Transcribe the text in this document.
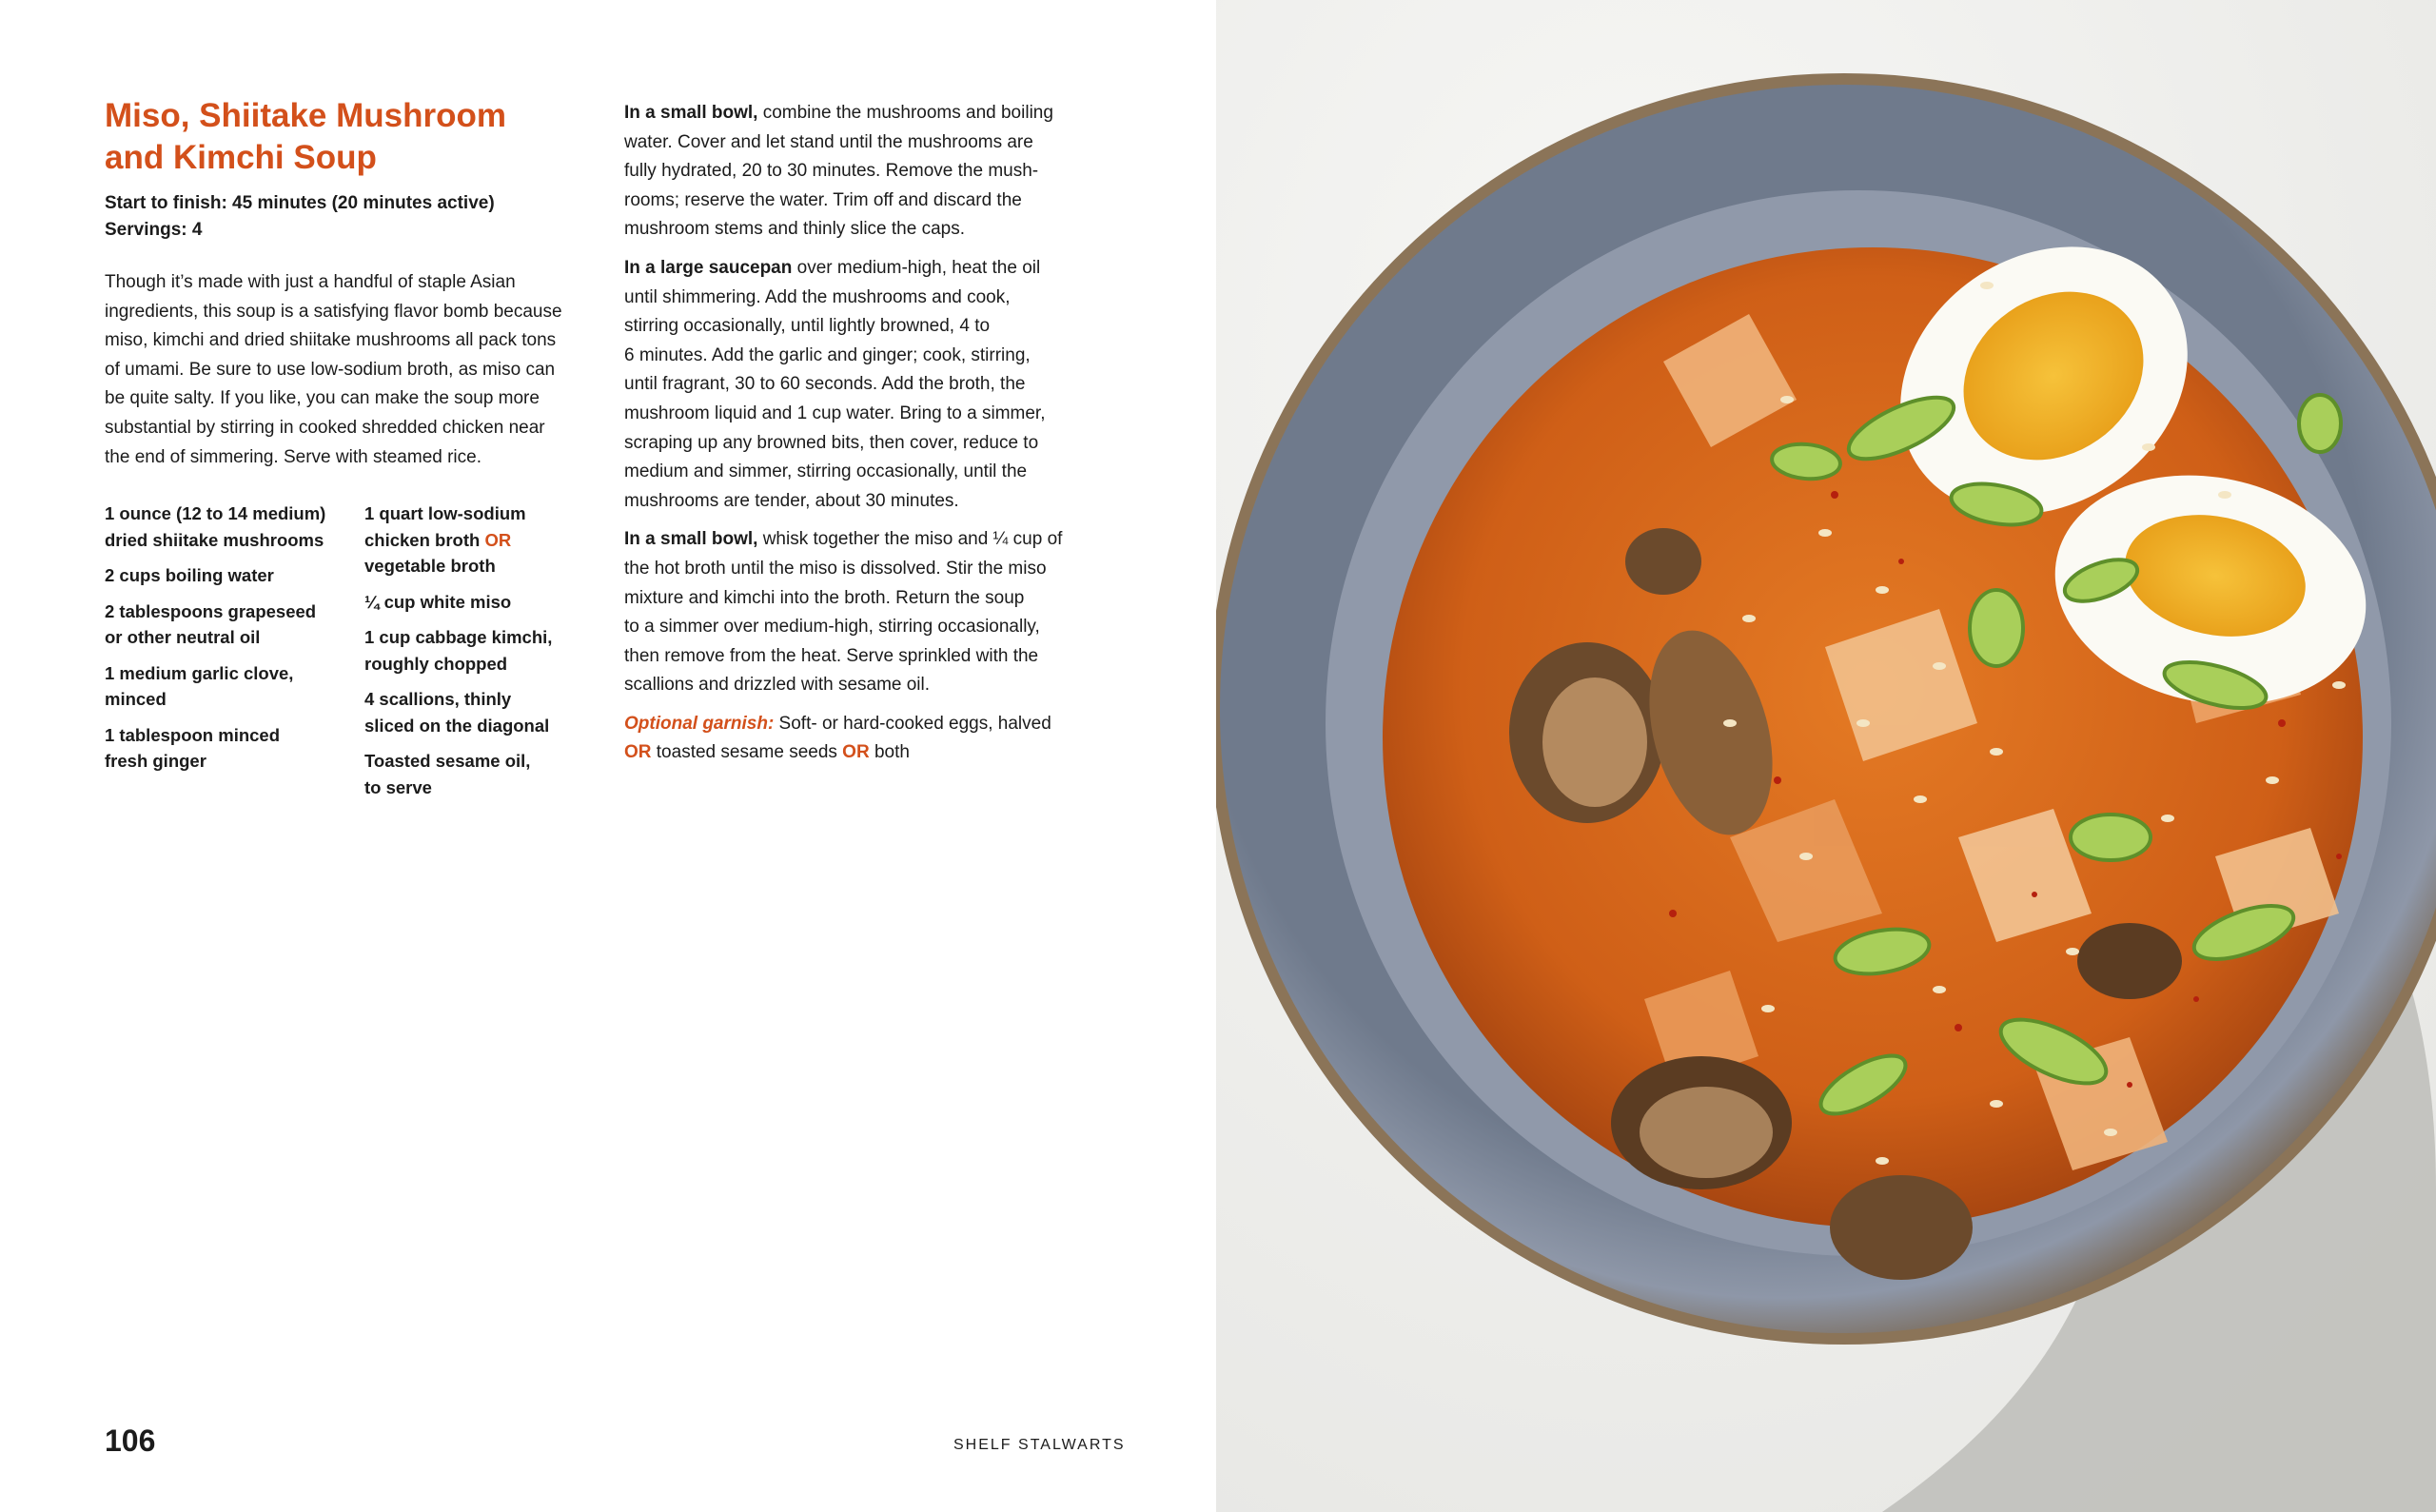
Miso, Shiitake Mushroom
and Kimchi Soup
Start to finish: 45 minutes (20 minutes active)
Servings: 4
Though it’s made with just a handful of staple Asian
ingredients, this soup is a satisfying flavor bomb because
miso, kimchi and dried shiitake mushrooms all pack tons
of umami. Be sure to use low-sodium broth, as miso can
be quite salty. If you like, you can make the soup more
substantial by stirring in cooked shredded chicken near
the end of simmering. Serve with steamed rice.
1 ounce (12 to 14 medium)
dried shiitake mushrooms
2 cups boiling water
2 tablespoons grapeseed
or other neutral oil
1 medium garlic clove,
minced
1 tablespoon minced
fresh ginger
1 quart low-sodium
chicken broth OR
vegetable broth
¼ cup white miso
1 cup cabbage kimchi,
roughly chopped
4 scallions, thinly
sliced on the diagonal
Toasted sesame oil,
to serve
In a small bowl, combine the mushrooms and boiling
water. Cover and let stand until the mushrooms are
fully hydrated, 20 to 30 minutes. Remove the mush-
rooms; reserve the water. Trim off and discard the
mushroom stems and thinly slice the caps.
In a large saucepan over medium-high, heat the oil
until shimmering. Add the mushrooms and cook,
stirring occasionally, until lightly browned, 4 to
6 minutes. Add the garlic and ginger; cook, stirring,
until fragrant, 30 to 60 seconds. Add the broth, the
mushroom liquid and 1 cup water. Bring to a simmer,
scraping up any browned bits, then cover, reduce to
medium and simmer, stirring occasionally, until the
mushrooms are tender, about 30 minutes.
In a small bowl, whisk together the miso and ¼ cup of
the hot broth until the miso is dissolved. Stir the miso
mixture and kimchi into the broth. Return the soup
to a simmer over medium-high, stirring occasionally,
then remove from the heat. Serve sprinkled with the
scallions and drizzled with sesame oil.
Optional garnish: Soft- or hard-cooked eggs, halved
OR toasted sesame seeds OR both
106	SHELF STALWARTS
